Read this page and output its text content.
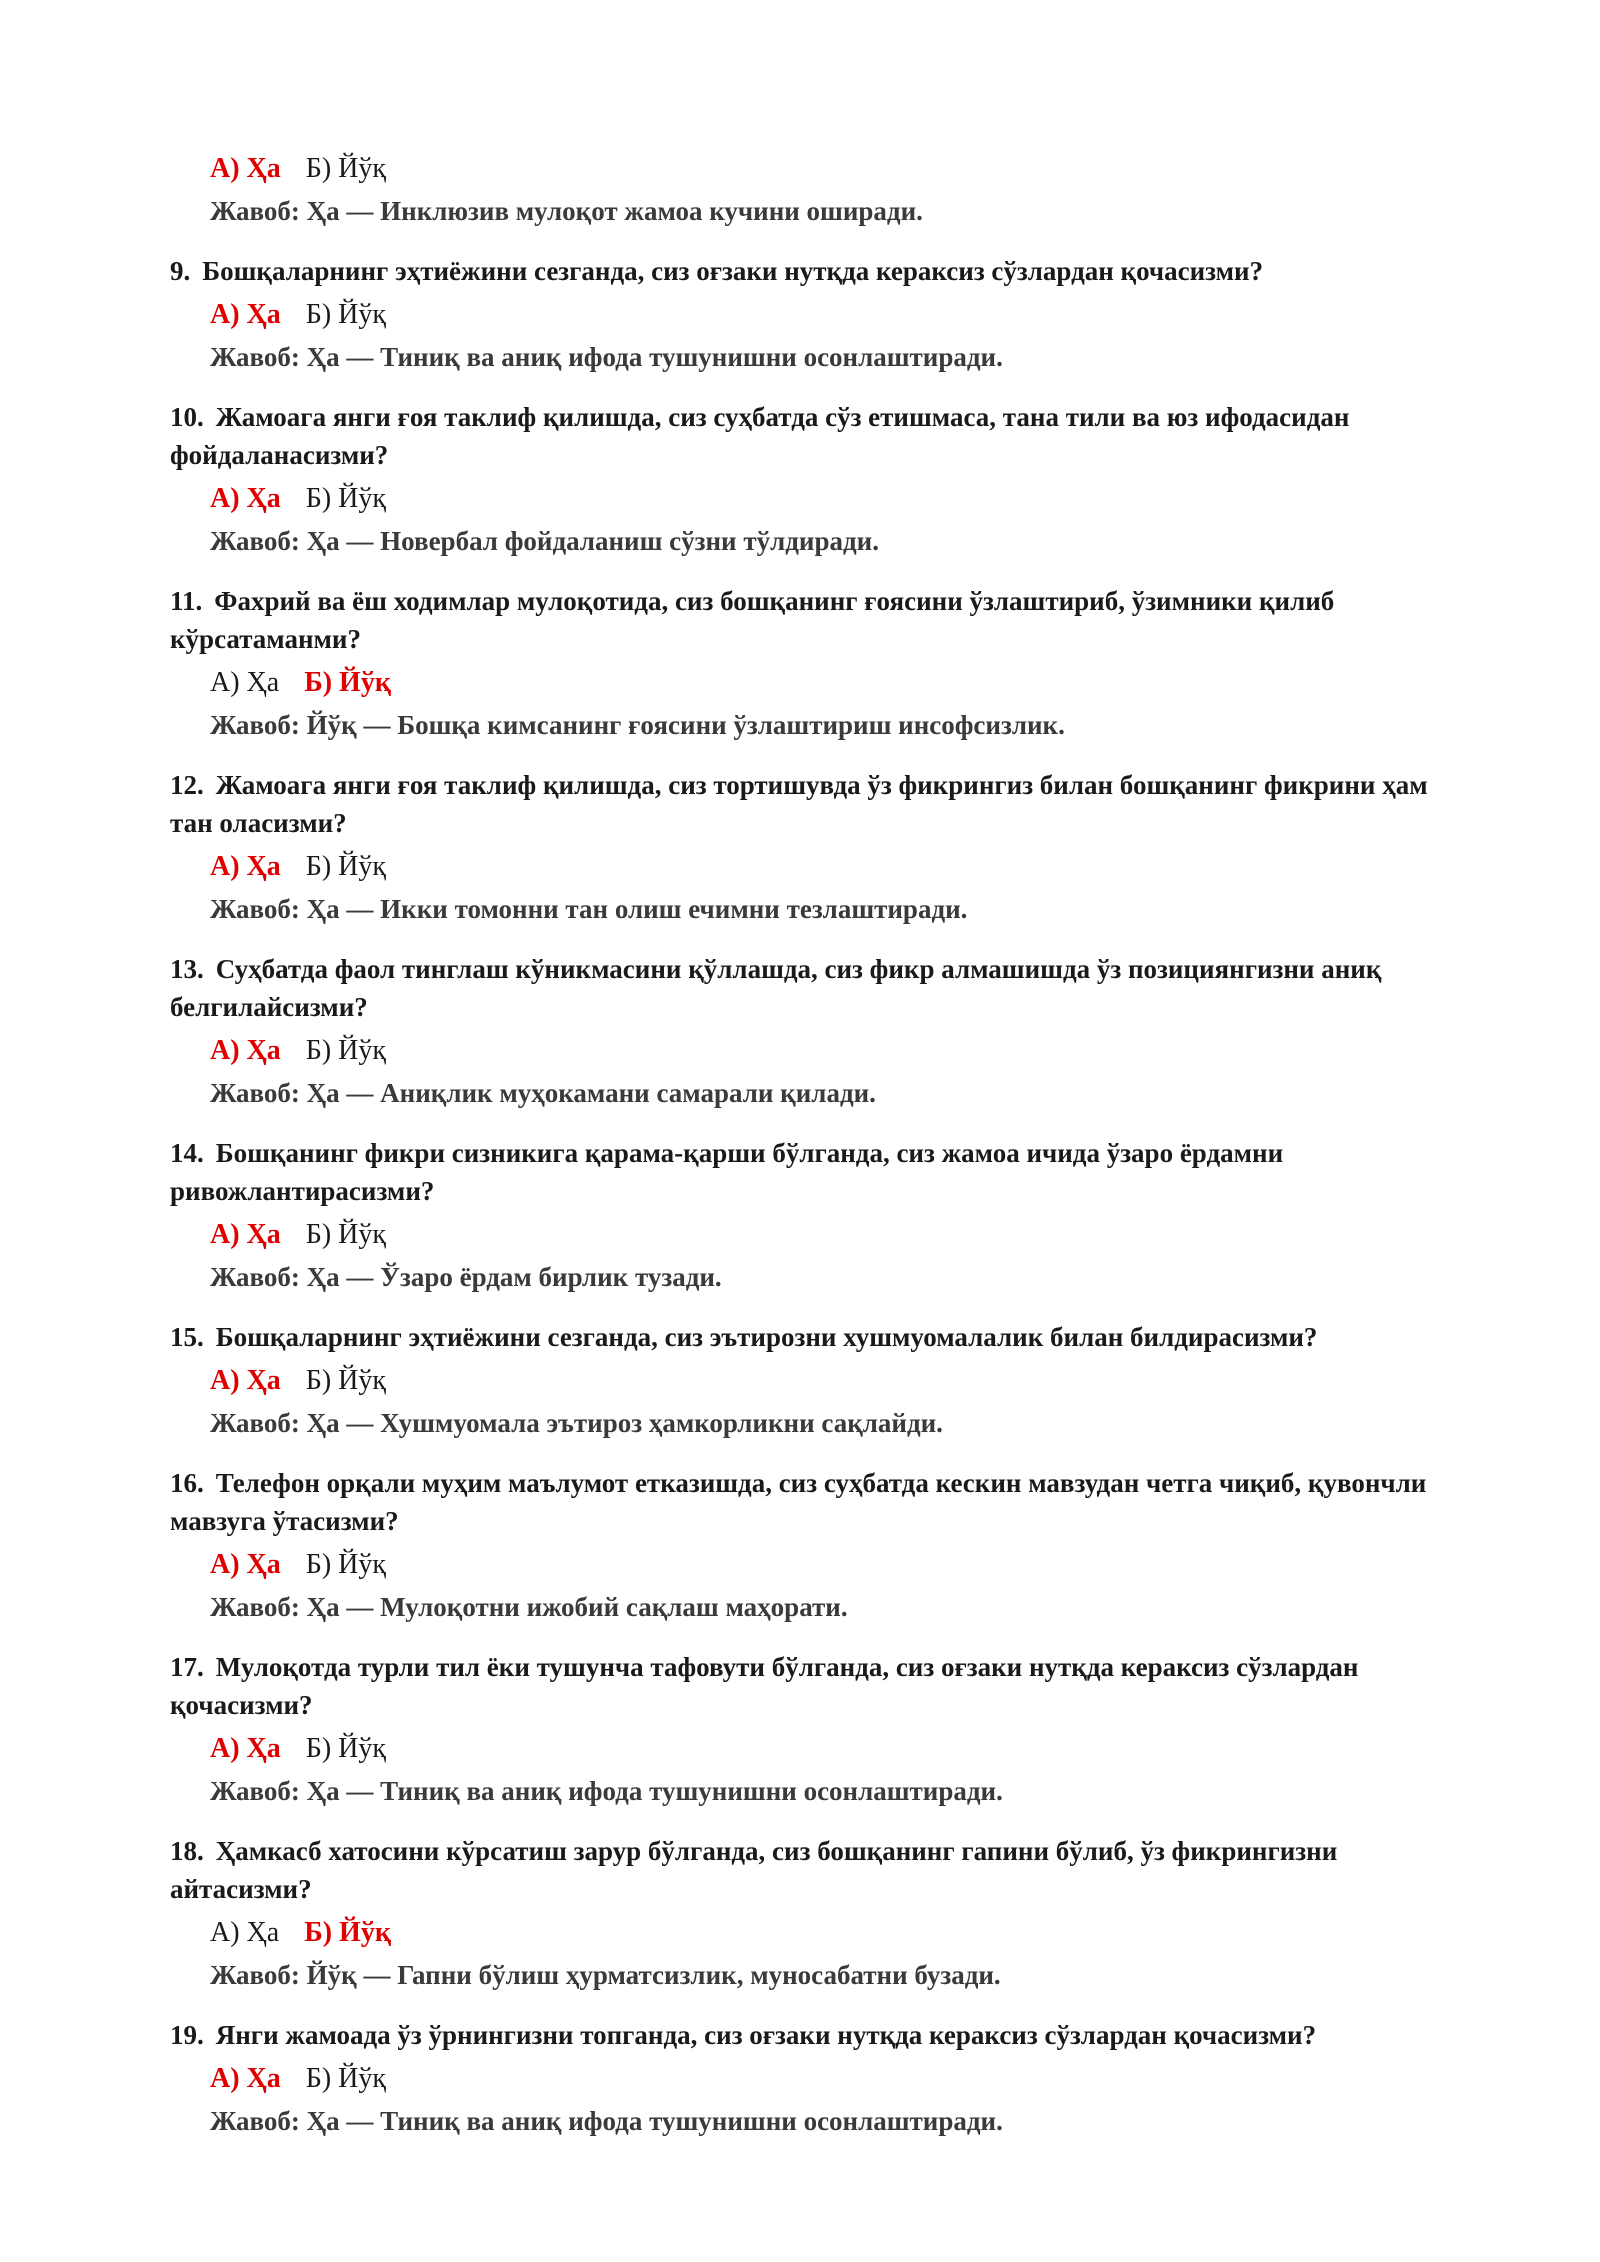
А) Ҳа Б) Йўқ

Жавоб: Ҳа — Инклюзив мулоқот жамоа кучини оширади.

9. Бошқаларнинг эҳтиёжини сезганда, сиз оғзаки нутқда кераксиз сўзлардан қочасизми?

А) Ҳа Б) Йўқ

Жавоб: Ҳа — Тиниқ ва аниқ ифода тушунишни осонлаштиради.

10. Жамоага янги ғоя таклиф қилишда, сиз суҳбатда сўз етишмаса, тана тили ва юз ифодасидан фойдаланасизми?

А) Ҳа Б) Йўқ

Жавоб: Ҳа — Новербал фойдаланиш сўзни тўлдиради.

11. Фахрий ва ёш ходимлар мулоқотида, сиз бошқанинг ғоясини ўзлаштириб, ўзимники қилиб кўрсатаманми?

А) Ҳа Б) Йўқ

Жавоб: Йўқ — Бошқа кимсанинг ғоясини ўзлаштириш инсофсизлик.

12. Жамоага янги ғоя таклиф қилишда, сиз тортишувда ўз фикрингиз билан бошқанинг фикрини ҳам тан оласизми?

А) Ҳа Б) Йўқ

Жавоб: Ҳа — Икки томонни тан олиш ечимни тезлаштиради.

13. Суҳбатда фаол тинглаш кўникмасини қўллашда, сиз фикр алмашишда ўз позициянгизни аниқ белгилайсизми?

А) Ҳа Б) Йўқ

Жавоб: Ҳа — Аниқлик муҳокамани самарали қилади.

14. Бошқанинг фикри сизникига қарама-қарши бўлганда, сиз жамоа ичида ўзаро ёрдамни ривожлантирасизми?

А) Ҳа Б) Йўқ

Жавоб: Ҳа — Ўзаро ёрдам бирлик тузади.

15. Бошқаларнинг эҳтиёжини сезганда, сиз эътирозни хушмуомалалик билан билдирасизми?

А) Ҳа Б) Йўқ

Жавоб: Ҳа — Хушмуомала эътироз ҳамкорликни сақлайди.

16. Телефон орқали муҳим маълумот етказишда, сиз суҳбатда кескин мавзудан четга чиқиб, қувончли мавзуга ўтасизми?

А) Ҳа Б) Йўқ

Жавоб: Ҳа — Мулоқотни ижобий сақлаш маҳорати.

17. Мулоқотда турли тил ёки тушунча тафовути бўлганда, сиз оғзаки нутқда кераксиз сўзлардан қочасизми?

А) Ҳа Б) Йўқ

Жавоб: Ҳа — Тиниқ ва аниқ ифода тушунишни осонлаштиради.

18. Ҳамкасб хатосини кўрсатиш зарур бўлганда, сиз бошқанинг гапини бўлиб, ўз фикрингизни айтасизми?

А) Ҳа Б) Йўқ

Жавоб: Йўқ — Гапни бўлиш ҳурматсизлик, муносабатни бузади.

19. Янги жамоада ўз ўрнингизни топганда, сиз оғзаки нутқда кераксиз сўзлардан қочасизми?

А) Ҳа Б) Йўқ

Жавоб: Ҳа — Тиниқ ва аниқ ифода тушунишни осонлаштиради.
